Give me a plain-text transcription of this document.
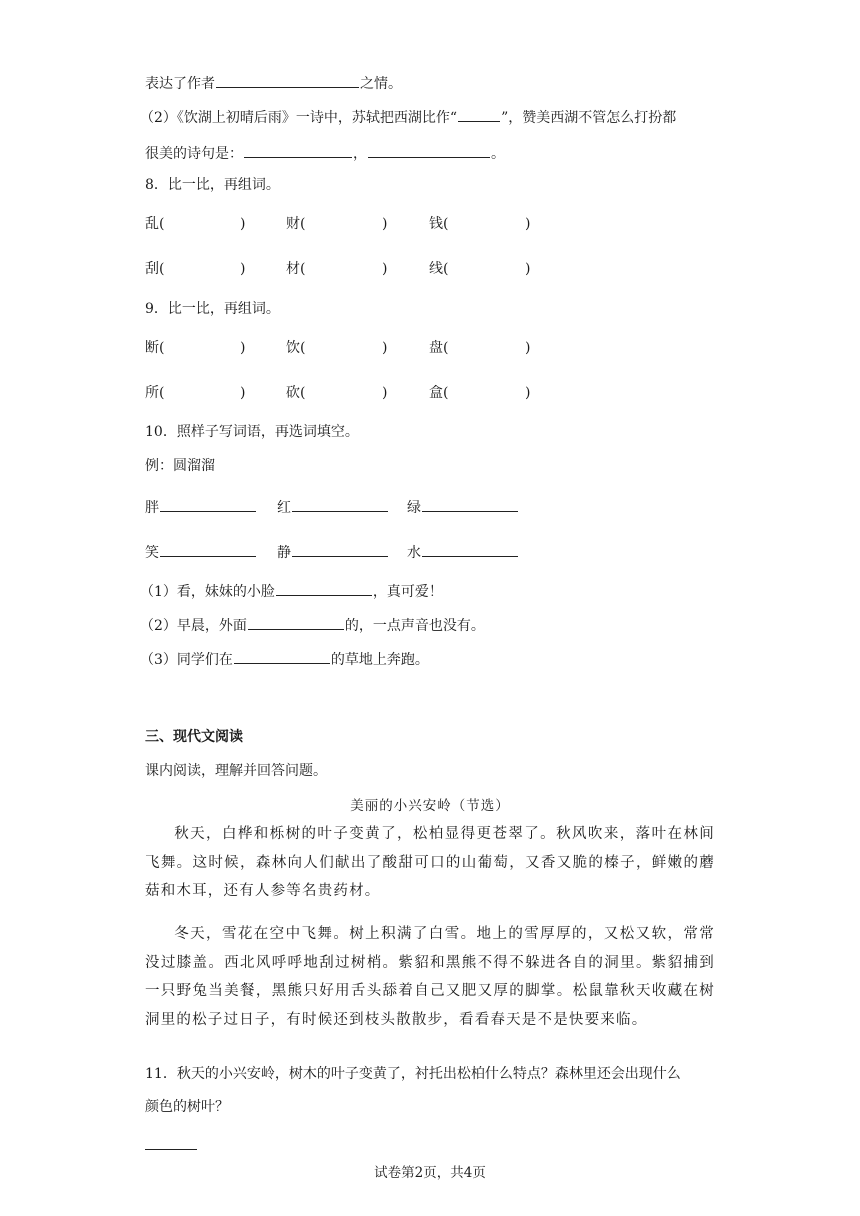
表达了作者	之情。
（2）《饮湖上初晴后雨》一诗中，苏轼把西湖比作“	”，赞美西湖不管怎么打扮都
很美的诗句是：	，	。
8．比一比，再组词。
乱(	)	财(	)	钱(	)
刮(	)	材(	)	线(	)
9．比一比，再组词。
断(	)	饮(	)	盘(	)
所(	)	砍(	)	盒(	)
10．照样子写词语，再选词填空。
例：圆溜溜
胖	红	绿
笑	静	水
（1）看，妹妹的小脸	，真可爱！
（2）早晨，外面	的，一点声音也没有。
（3）同学们在	的草地上奔跑。
三、现代文阅读
课内阅读，理解并回答问题。
美丽的小兴安岭（节选）
秋天，白桦和栎树的叶子变黄了，松柏显得更苍翠了。秋风吹来，落叶在林间飞舞。这时候，森林向人们献出了酸甜可口的山葡萄，又香又脆的榛子，鲜嫩的蘑菇和木耳，还有人参等名贵药材。
冬天，雪花在空中飞舞。树上积满了白雪。地上的雪厚厚的，又松又软，常常没过膝盖。西北风呼呼地刮过树梢。紫貂和黑熊不得不躲进各自的洞里。紫貂捕到一只野兔当美餐，黑熊只好用舌头舔着自己又肥又厚的脚掌。松鼠靠秋天收藏在树洞里的松子过日子，有时候还到枝头散散步，看看春天是不是快要来临。
11．秋天的小兴安岭，树木的叶子变黄了，衬托出松柏什么特点？森林里还会出现什么
颜色的树叶？
试卷第2页，共4页
